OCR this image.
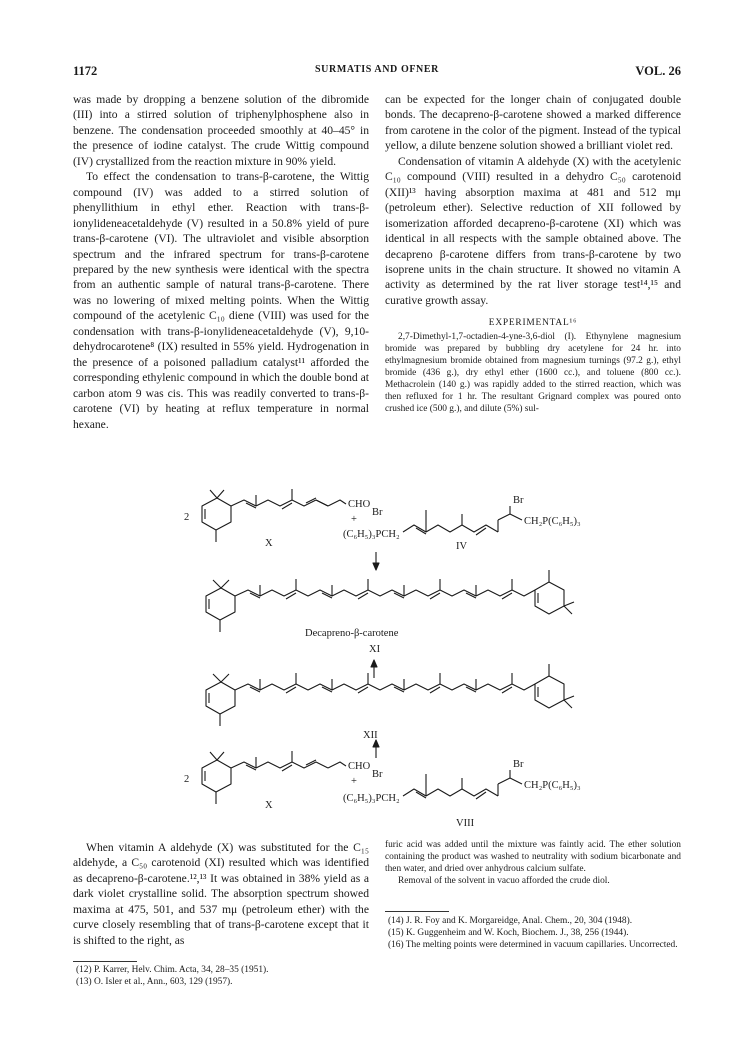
1172	SURMATIS AND OFNER	VOL. 26

was made by dropping a benzene solution of the dibromide (III) into a stirred solution of triphenylphosphene also in benzene. The condensation proceeded smoothly at 40–45° in the presence of iodine catalyst. The crude Wittig compound (IV) crystallized from the reaction mixture in 90% yield.

To effect the condensation to trans-β-carotene, the Wittig compound (IV) was added to a stirred solution of phenyllithium in ethyl ether. Reaction with trans-β-ionylideneacetaldehyde (V) resulted in a 50.8% yield of pure trans-β-carotene (VI). The ultraviolet and visible absorption spectrum and the infrared spectrum for trans-β-carotene prepared by the new synthesis were identical with the spectra from an authentic sample of natural trans-β-carotene. There was no lowering of mixed melting points. When the Wittig compound of the acetylenic C₁₀ diene (VIII) was used for the condensation with trans-β-ionylideneacetaldehyde (V), 9,10-dehydrocarotene⁸ (IX) resulted in 55% yield. Hydrogenation in the presence of a poisoned palladium catalyst¹¹ afforded the corresponding ethylenic compound in which the double bond at carbon atom 9 was cis. This was readily converted to trans-β-carotene (VI) by heating at reflux temperature in normal hexane.

can be expected for the longer chain of conjugated double bonds. The decapreno-β-carotene showed a marked difference from carotene in the color of the pigment. Instead of the typical yellow, a dilute benzene solution showed a brilliant violet red.

Condensation of vitamin A aldehyde (X) with the acetylenic C₁₀ compound (VIII) resulted in a dehydro C₅₀ carotenoid (XII)¹³ having absorption maxima at 481 and 512 mμ (petroleum ether). Selective reduction of XII followed by isomerization afforded decapreno-β-carotene (XI) which was identical in all respects with the sample obtained above. The decapreno β-carotene differs from trans-β-carotene by two isoprene units in the chain structure. It showed no vitamin A activity as determined by the rat liver storage test¹⁴,¹⁵ and curative growth assay.

EXPERIMENTAL¹⁶

2,7-Dimethyl-1,7-octadien-4-yne-3,6-diol (I). Ethynylene magnesium bromide was prepared by bubbling dry acetylene for 24 hr. into ethylmagnesium bromide obtained from magnesium turnings (97.2 g.), ethyl bromide (436 g.), dry ethyl ether (1600 cc.), and toluene (800 cc.). Methacrolein (140 g.) was rapidly added to the stirred reaction, which was then refluxed for 1 hr. The resultant Grignard complex was poured onto crushed ice (500 g.), and dilute (5%) sul-

2
CHO
+
X
Br
(C₆H₅)₃PCH₂
Br
CH₂P(C₆H₅)₃
IV
Decapreno-β-carotene
XI
XII
2
CHO
+
X
Br
(C₆H₅)₃PCH₂
Br
CH₂P(C₆H₅)₃
VIII

When vitamin A aldehyde (X) was substituted for the C₁₅ aldehyde, a C₅₀ carotenoid (XI) resulted which was identified as decapreno-β-carotene.¹²,¹³ It was obtained in 38% yield as a dark violet crystalline solid. The absorption spectrum showed maxima at 475, 501, and 537 mμ (petroleum ether) with the curve closely resembling that of trans-β-carotene except that it is shifted to the right, as

(12) P. Karrer, Helv. Chim. Acta, 34, 28–35 (1951).

(13) O. Isler et al., Ann., 603, 129 (1957).

furic acid was added until the mixture was faintly acid. The ether solution containing the product was washed to neutrality with sodium bicarbonate and then water, and dried over anhydrous calcium sulfate.

Removal of the solvent in vacuo afforded the crude diol.

(14) J. R. Foy and K. Morgareidge, Anal. Chem., 20, 304 (1948).

(15) K. Guggenheim and W. Koch, Biochem. J., 38, 256 (1944).

(16) The melting points were determined in vacuum capillaries. Uncorrected.
